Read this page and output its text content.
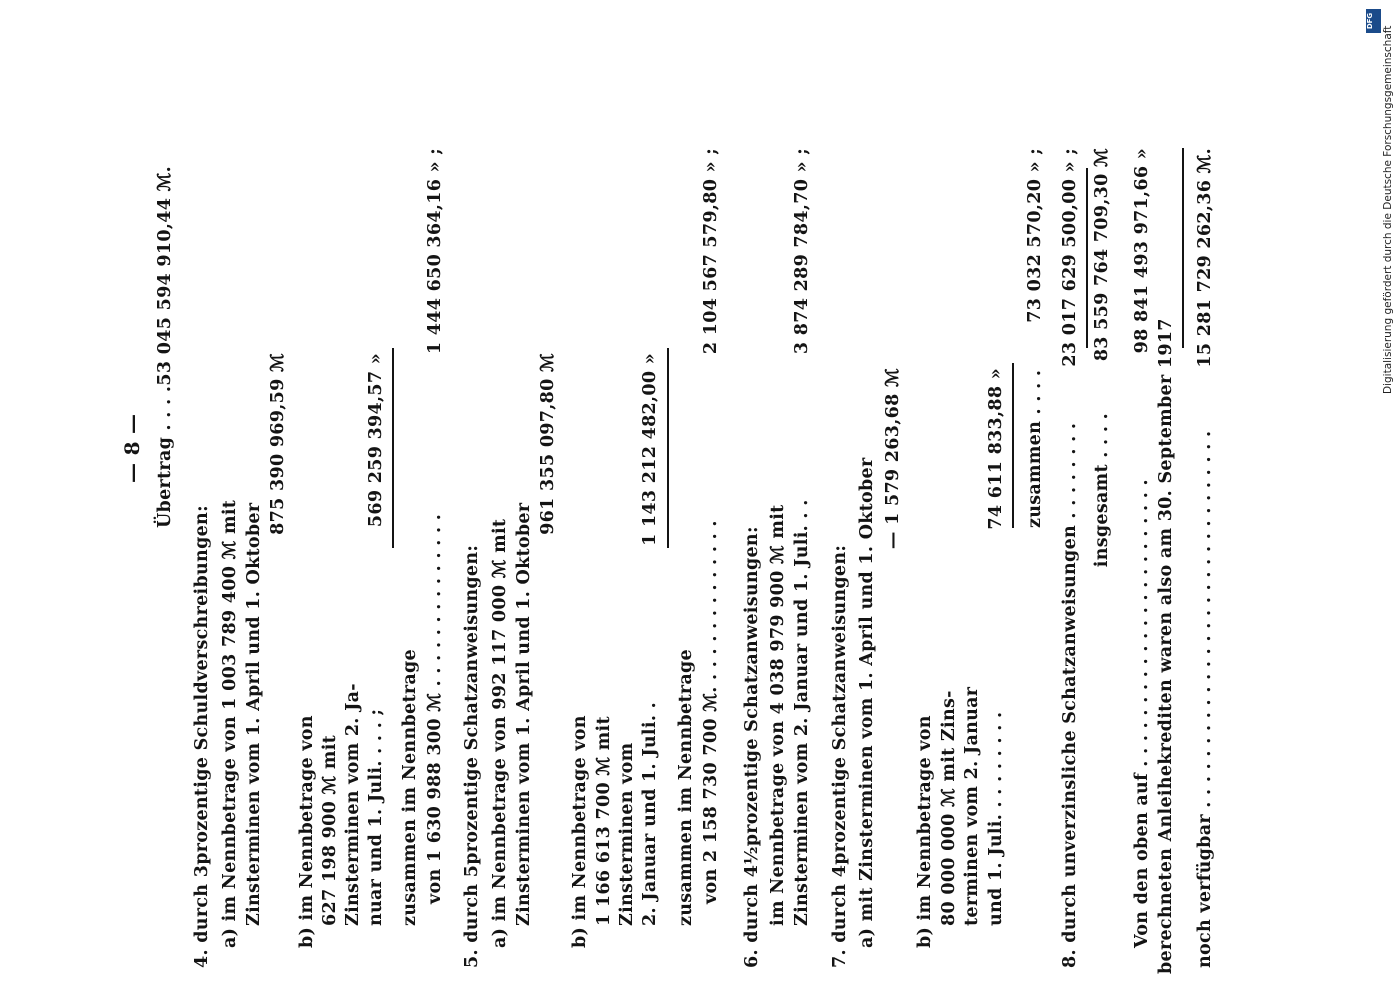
— 8 — Übertrag . . . .
53 045 594 910,44 ℳ.
4. durch 3prozentige Schuldverschreibungen: a) im Nennbetrage von 1 003 789 400 ℳ mit Zinsterminen vom 1. April und 1. Oktober
875 390 969,59 ℳ
b) im Nennbetrage von 627 198 900 ℳ mit Zinsterminen vom 2. Ja- nuar und 1. Juli. . . . ;
569 259 394,57 »
zusammen im Nennbetrage von 1 630 988 300 ℳ . . . . . . . . . . . . . .
1 444 650 364,16 » ;
5. durch 5prozentige Schatzanweisungen: a) im Nennbetrage von 992 117 000 ℳ mit Zinsterminen vom 1. April und 1. Oktober
961 355 097,80 ℳ
b) im Nennbetrage von 1 166 613 700 ℳ mit Zinsterminen vom 2. Januar und 1. Juli. .
1 143 212 482,00 »
zusammen im Nennbetrage von 2 158 730 700 ℳ. . . . . . . . . . . . . .
2 104 567 579,80 » ;
6. durch 4½prozentige Schatzanweisungen: im Nennbetrage von 4 038 979 900 ℳ mit Zinsterminen vom 2. Januar und 1. Juli. . .
3 874 289 784,70 » ;
7. durch 4prozentige Schatzanweisungen: a) mit Zinsterminen vom 1. April und 1. Oktober — 1 579 263,68 ℳ
b) im Nennbetrage von 80 000 000 ℳ mit Zins- terminen vom 2. Januar und 1. Juli. . . . . . . . .
74 611 833,88 » zusammen . . . .
73 032 570,20 » ;
8. durch unverzinsliche Schatzanweisungen . . . . . . . .
23 017 629 500,00 » ;
insgesamt . . . .
83 559 764 709,30 ℳ
Von den oben auf . . . . . . . . . . . . . . . . . . . . . . .
98 841 493 971,66 »
berechneten Anleihekrediten waren also am 30. September 1917 noch verfügbar . . . . . . . . . . . . . . . . . . . . . . . . . . . . . .
15 281 729 262,36 ℳ.
DFG
Digitalisierung gefördert durch die Deutsche Forschungsgemeinschaft
